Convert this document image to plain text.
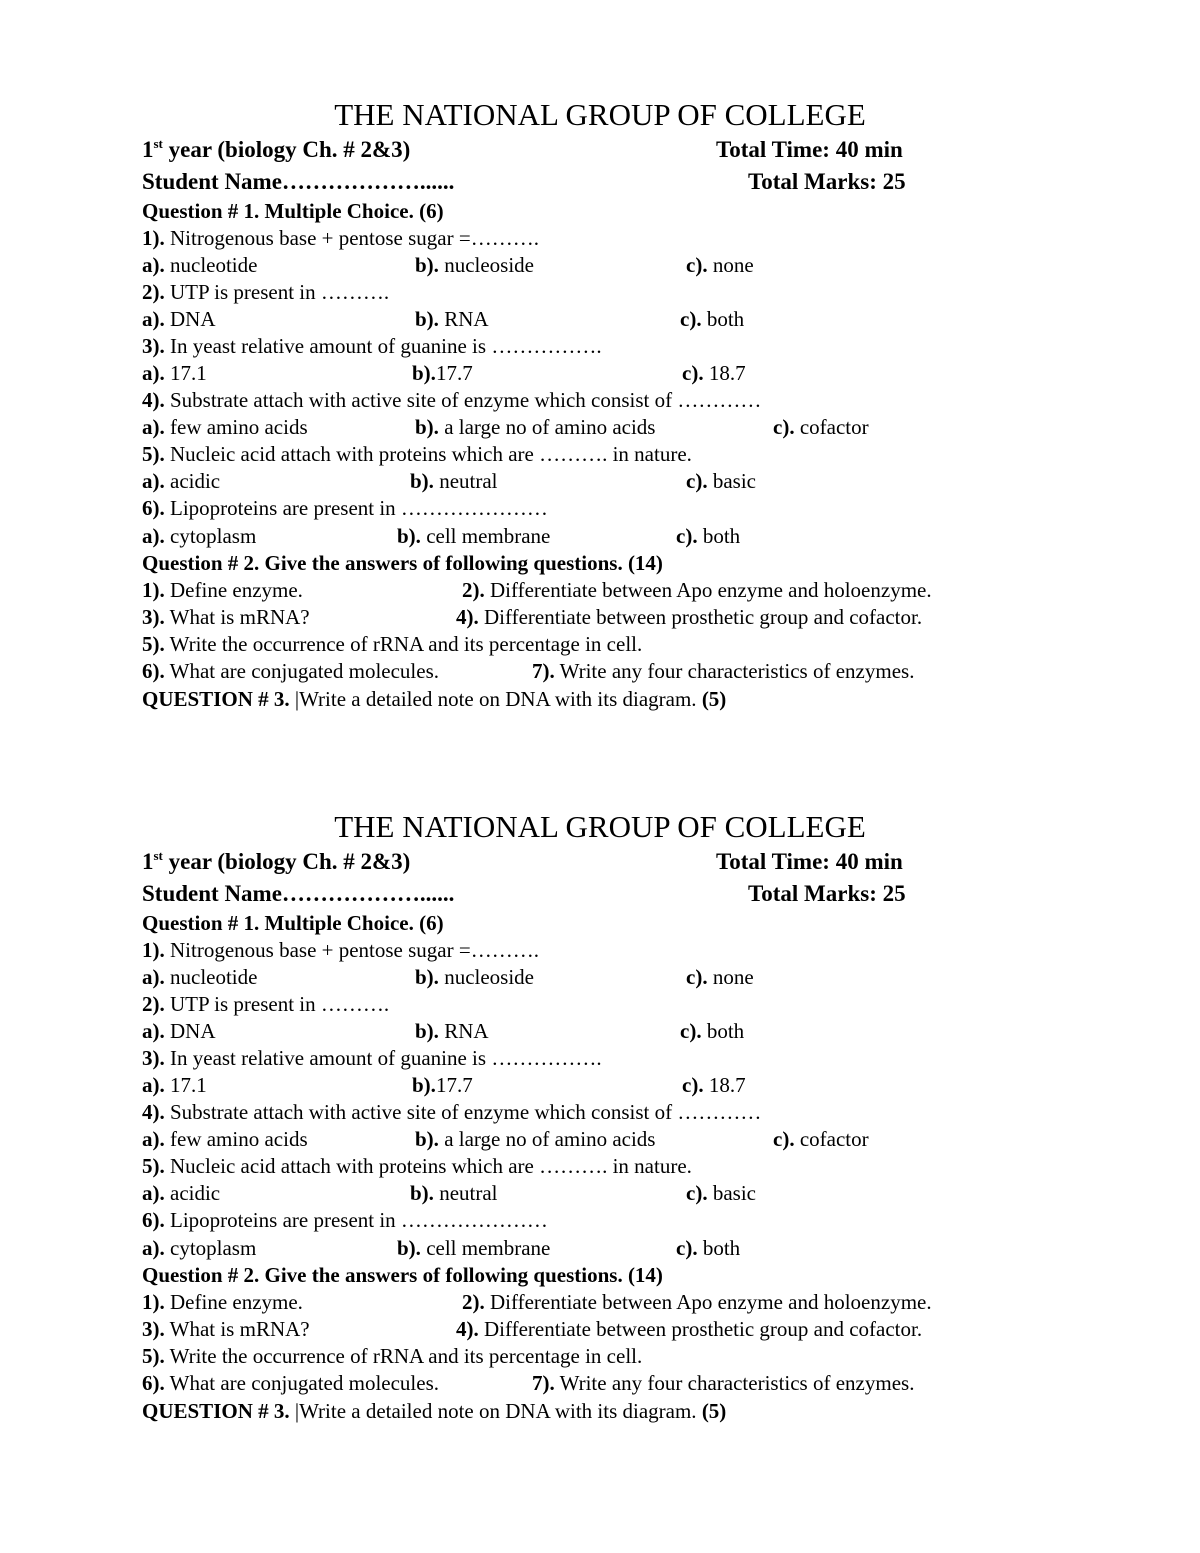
THE NATIONAL GROUP OF COLLEGE
1st year (biology Ch. # 2&3)	Total Time: 40 min
Student Name………………......	Total Marks: 25
Question # 1. Multiple Choice. (6)
1). Nitrogenous base + pentose sugar =……….
a). nucleotide	b). nucleoside	c). none
2). UTP is present in ……….
a). DNA	b). RNA	c). both
3). In yeast relative amount of guanine is …………….
a). 17.1	b).17.7	c). 18.7
4). Substrate attach with active site of enzyme which consist of …………
a). few amino acids	b). a large no of amino acids	c). cofactor
5). Nucleic acid attach with proteins which are ………. in nature.
a). acidic	b). neutral	c). basic
6). Lipoproteins are present in …………………
a). cytoplasm	b). cell membrane	c). both
Question # 2. Give the answers of following questions. (14)
1). Define enzyme.	2). Differentiate between Apo enzyme and holoenzyme.
3). What is mRNA?	4). Differentiate between prosthetic group and cofactor.
5). Write the occurrence of rRNA and its percentage in cell.
6). What are conjugated molecules.	7). Write any four characteristics of enzymes.
QUESTION # 3. |Write a detailed note on DNA with its diagram. (5)
THE NATIONAL GROUP OF COLLEGE
1st year (biology Ch. # 2&3)	Total Time: 40 min
Student Name………………......	Total Marks: 25
Question # 1. Multiple Choice. (6)
1). Nitrogenous base + pentose sugar =……….
a). nucleotide	b). nucleoside	c). none
2). UTP is present in ……….
a). DNA	b). RNA	c). both
3). In yeast relative amount of guanine is …………….
a). 17.1	b).17.7	c). 18.7
4). Substrate attach with active site of enzyme which consist of …………
a). few amino acids	b). a large no of amino acids	c). cofactor
5). Nucleic acid attach with proteins which are ………. in nature.
a). acidic	b). neutral	c). basic
6). Lipoproteins are present in …………………
a). cytoplasm	b). cell membrane	c). both
Question # 2. Give the answers of following questions. (14)
1). Define enzyme.	2). Differentiate between Apo enzyme and holoenzyme.
3). What is mRNA?	4). Differentiate between prosthetic group and cofactor.
5). Write the occurrence of rRNA and its percentage in cell.
6). What are conjugated molecules.	7). Write any four characteristics of enzymes.
QUESTION # 3. |Write a detailed note on DNA with its diagram. (5)
